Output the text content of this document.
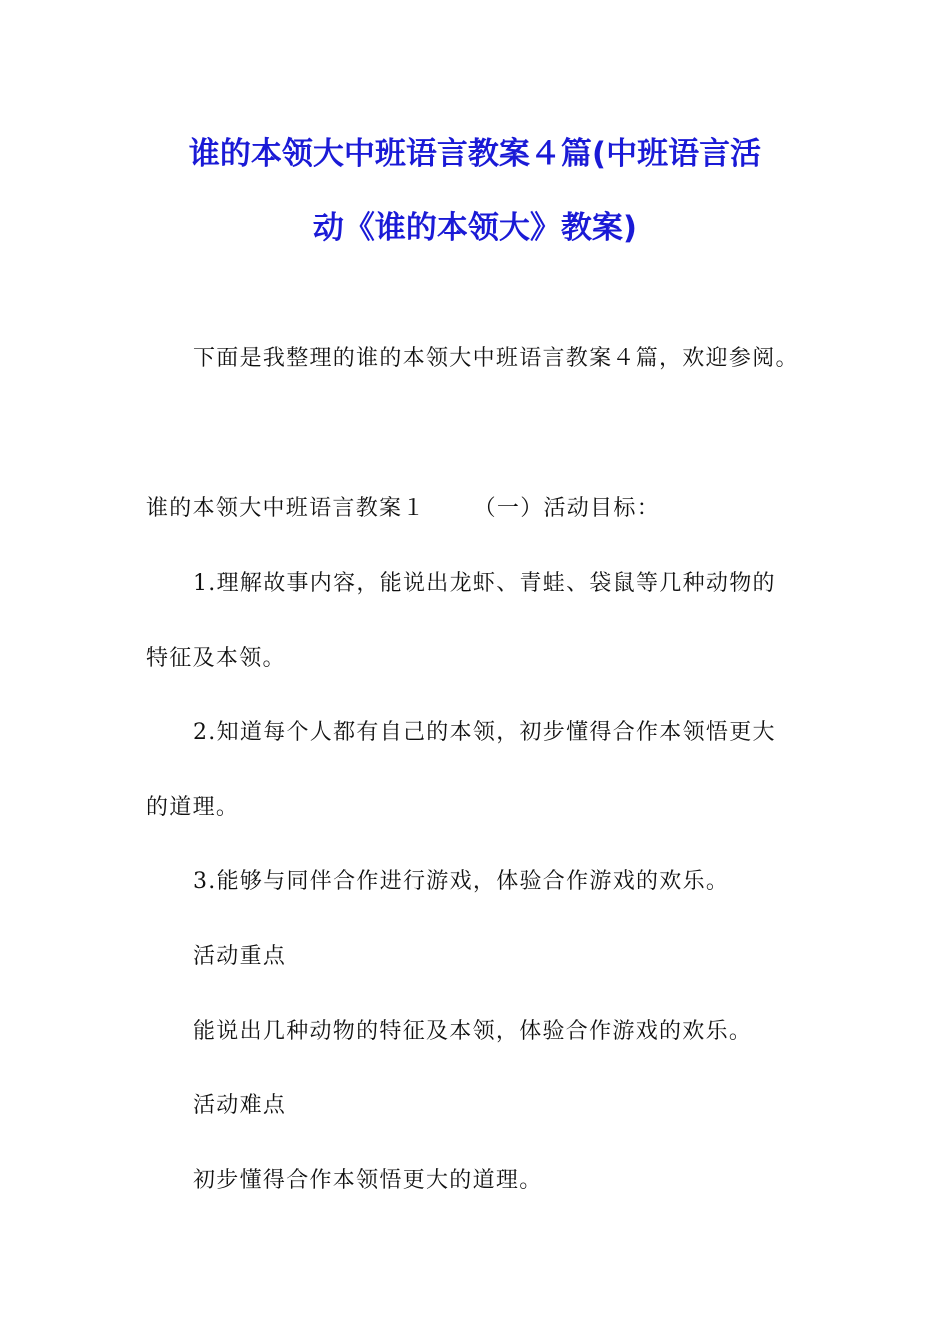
谁的本领大中班语言教案４篇(中班语言活
动《谁的本领大》教案)

下面是我整理的谁的本领大中班语言教案４篇，欢迎参阅。

谁的本领大中班语言教案１ （一）活动目标：

1.理解故事内容，能说出龙虾、青蛙、袋鼠等几种动物的

特征及本领。

2.知道每个人都有自己的本领，初步懂得合作本领悟更大

的道理。

3.能够与同伴合作进行游戏，体验合作游戏的欢乐。

活动重点

能说出几种动物的特征及本领，体验合作游戏的欢乐。

活动难点

初步懂得合作本领悟更大的道理。
